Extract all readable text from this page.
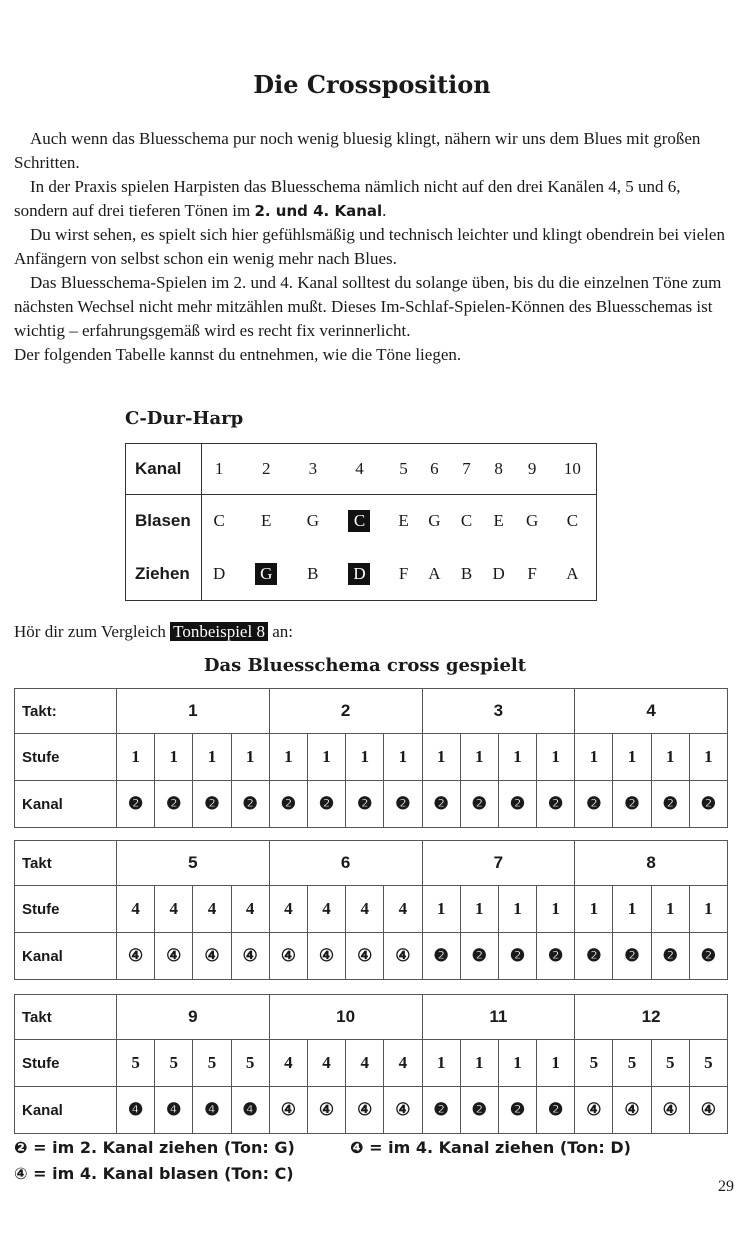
Die Crossposition

Auch wenn das Bluesschema pur noch wenig bluesig klingt, nähern wir uns dem Blues mit großen Schritten.

In der Praxis spielen Harpisten das Bluesschema nämlich nicht auf den drei Kanälen 4, 5 und 6, sondern auf drei tieferen Tönen im 2. und 4. Kanal.

Du wirst sehen, es spielt sich hier gefühlsmäßig und technisch leichter und klingt obendrein bei vielen Anfängern von selbst schon ein wenig mehr nach Blues.

Das Bluesschema-Spielen im 2. und 4. Kanal solltest du solange üben, bis du die einzelnen Töne zum nächsten Wechsel nicht mehr mitzählen mußt. Dieses Im-Schlaf-Spielen-Können des Bluesschemas ist wichtig – erfahrungsgemäß wird es recht fix verinnerlicht.

Der folgenden Tabelle kannst du entnehmen, wie die Töne liegen.

C-Dur-Harp
Kanal	1	2	3	4	5	6	7	8	9	10
Blasen	C	E	G	C	E	G	C	E	G	C
Ziehen	D	G	B	D	F	A	B	D	F	A
Hör dir zum Vergleich Tonbeispiel 8 an:
Das Bluesschema cross gespielt
Takt:	1				2				3				4			
Stufe	1	1	1	1	1	1	1	1	1	1	1	1	1	1	1	1
Kanal	❷	❷	❷	❷	❷	❷	❷	❷	❷	❷	❷	❷	❷	❷	❷	❷
Takt	5				6				7				8			
Stufe	4	4	4	4	4	4	4	4	1	1	1	1	1	1	1	1
Kanal	④	④	④	④	④	④	④	④	❷	❷	❷	❷	❷	❷	❷	❷
Takt	9				10				11				12			
Stufe	5	5	5	5	4	4	4	4	1	1	1	1	5	5	5	5
Kanal	❹	❹	❹	❹	④	④	④	④	❷	❷	❷	❷	④	④	④	④
❷ = im 2. Kanal ziehen (Ton: G)	❹ = im 4. Kanal ziehen (Ton: D)
④ = im 4. Kanal blasen (Ton: C)
29
